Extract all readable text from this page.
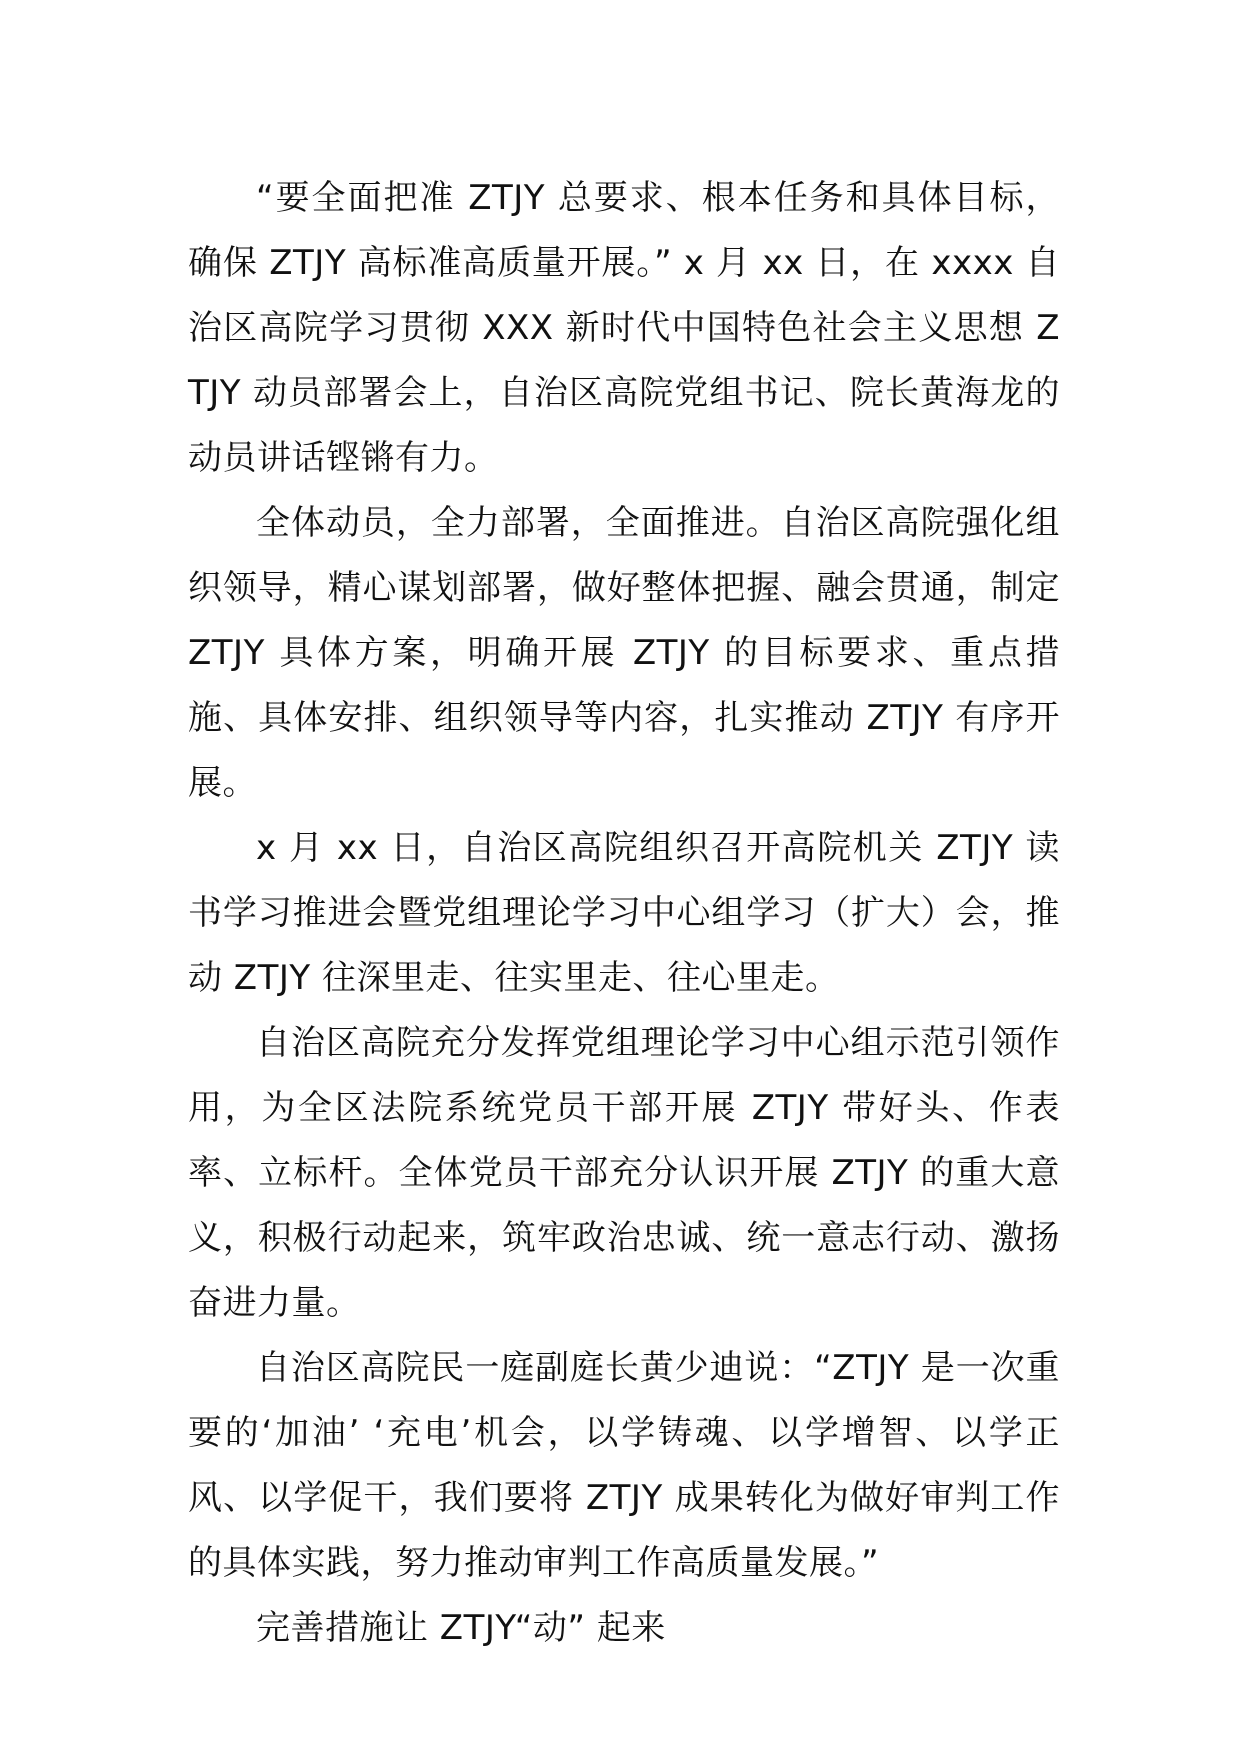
“要全面把准 ZTJY 总要求、根本任务和具体目标，确保 ZTJY 高标准高质量开展。” x 月 xx 日，在 xxxx 自治区高院学习贯彻 XXX 新时代中国特色社会主义思想 ZTJY 动员部署会上，自治区高院党组书记、院长黄海龙的动员讲话铿锵有力。

全体动员，全力部署，全面推进。自治区高院强化组织领导，精心谋划部署，做好整体把握、融会贯通，制定 ZTJY 具体方案，明确开展 ZTJY 的目标要求、重点措施、具体安排、组织领导等内容，扎实推动 ZTJY 有序开展。

x 月 xx 日，自治区高院组织召开高院机关 ZTJY 读书学习推进会暨党组理论学习中心组学习（扩大）会，推动 ZTJY 往深里走、往实里走、往心里走。

自治区高院充分发挥党组理论学习中心组示范引领作用，为全区法院系统党员干部开展 ZTJY 带好头、作表率、立标杆。全体党员干部充分认识开展 ZTJY 的重大意义，积极行动起来，筑牢政治忠诚、统一意志行动、激扬奋进力量。

自治区高院民一庭副庭长黄少迪说：“ZTJY 是一次重要的‘加油’ ‘充电’机会，以学铸魂、以学增智、以学正风、以学促干，我们要将 ZTJY 成果转化为做好审判工作的具体实践，努力推动审判工作高质量发展。”

完善措施让 ZTJY“动” 起来
